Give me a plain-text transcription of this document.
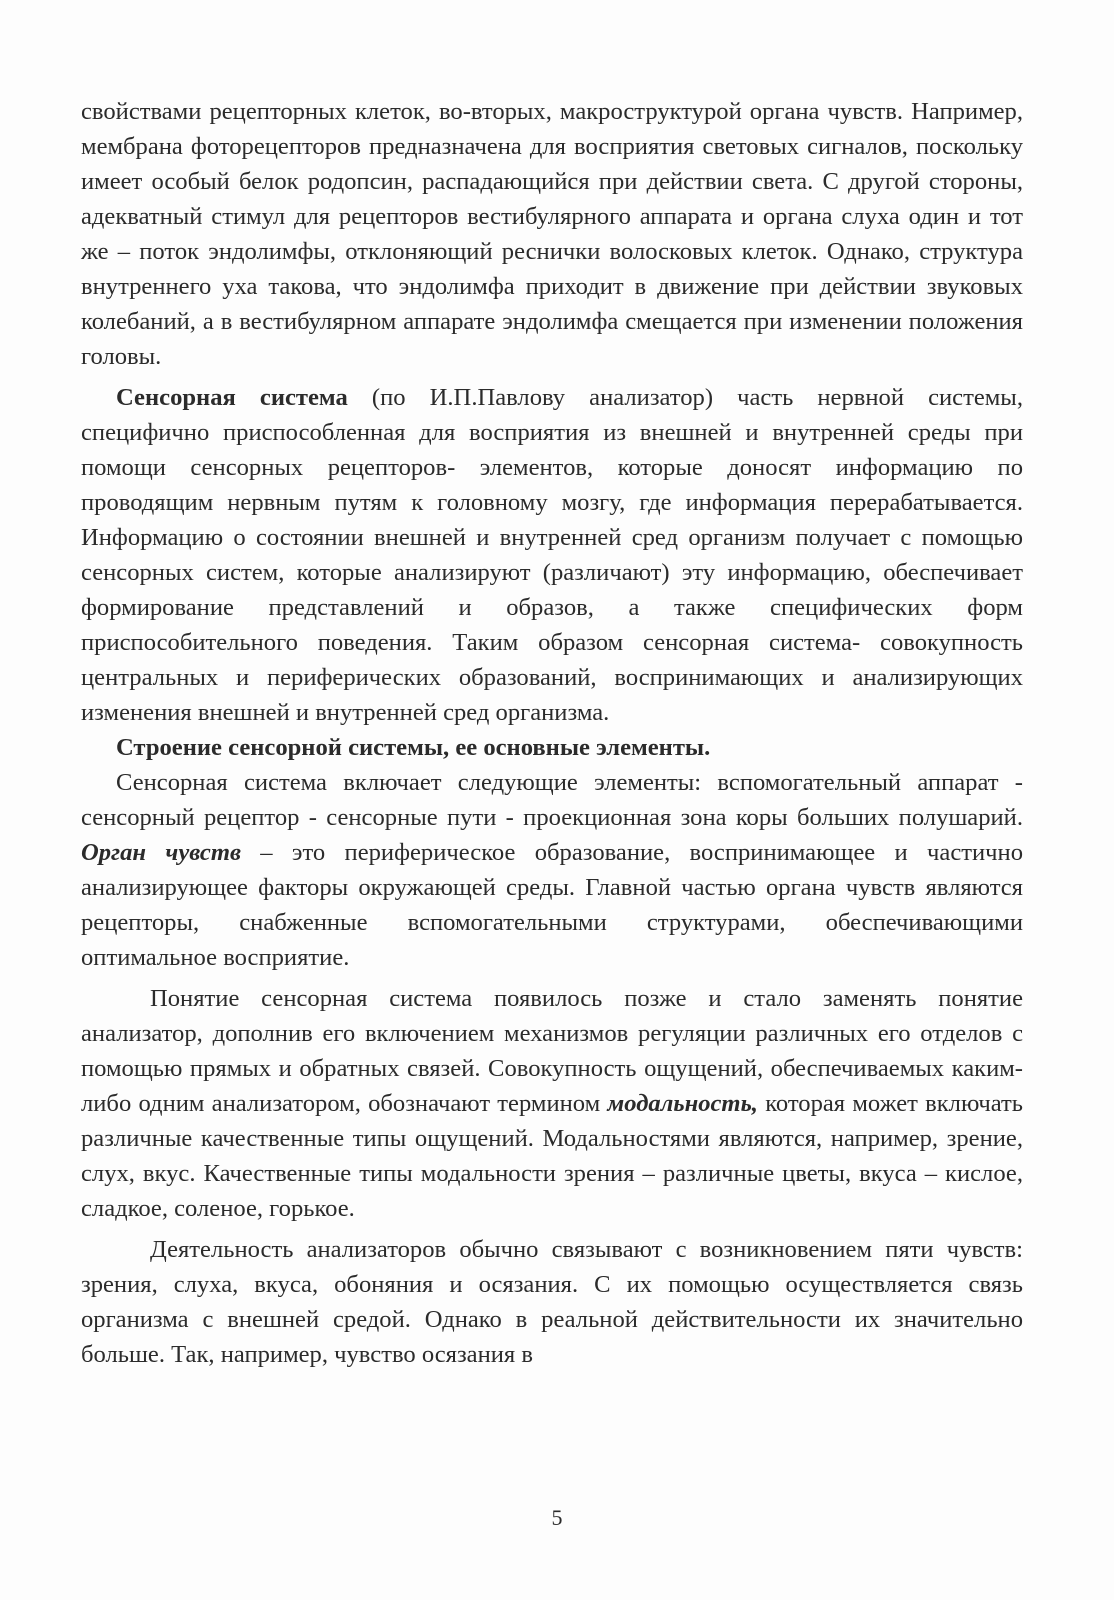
свойствами рецепторных клеток, во-вторых, макроструктурой органа чувств. Например, мембрана фоторецепторов предназначена для восприятия световых сигналов, поскольку имеет особый белок родопсин, распадающийся при действии света. С другой стороны, адекватный стимул для рецепторов вестибулярного аппарата и органа слуха один и тот же – поток эндолимфы, отклоняющий реснички волосковых клеток. Однако, структура внутреннего уха такова, что эндолимфа приходит в движение при действии звуковых колебаний, а в вестибулярном аппарате эндолимфа смещается при изменении положения головы.

Сенсорная система (по И.П.Павлову анализатор) часть нервной системы, специфично приспособленная для восприятия из внешней и внутренней среды при помощи сенсорных рецепторов- элементов, которые доносят информацию по проводящим нервным путям к головному мозгу, где информация перерабатывается. Информацию о состоянии внешней и внутренней сред организм получает с помощью сенсорных систем, которые анализируют (различают) эту информацию, обеспечивает формирование представлений и образов, а также специфических форм приспособительного поведения. Таким образом сенсорная система- совокупность центральных и периферических образований, воспринимающих и анализирующих изменения внешней и внутренней сред организма.

Строение сенсорной системы, ее основные элементы.

Сенсорная система включает следующие элементы: вспомогательный аппарат - сенсорный рецептор - сенсорные пути - проекционная зона коры больших полушарий. Орган чувств – это периферическое образование, воспринимающее и частично анализирующее факторы окружающей среды. Главной частью органа чувств являются рецепторы, снабженные вспомогательными структурами, обеспечивающими оптимальное восприятие.

Понятие сенсорная система появилось позже и стало заменять понятие анализатор, дополнив его включением механизмов регуляции различных его отделов с помощью прямых и обратных связей. Совокупность ощущений, обеспечиваемых каким-либо одним анализатором, обозначают термином модальность, которая может включать различные качественные типы ощущений. Модальностями являются, например, зрение, слух, вкус. Качественные типы модальности зрения – различные цветы, вкуса – кислое, сладкое, соленое, горькое.

Деятельность анализаторов обычно связывают с возникновением пяти чувств: зрения, слуха, вкуса, обоняния и осязания. С их помощью осуществляется связь организма с внешней средой. Однако в реальной действительности их значительно больше. Так, например, чувство осязания в

5
